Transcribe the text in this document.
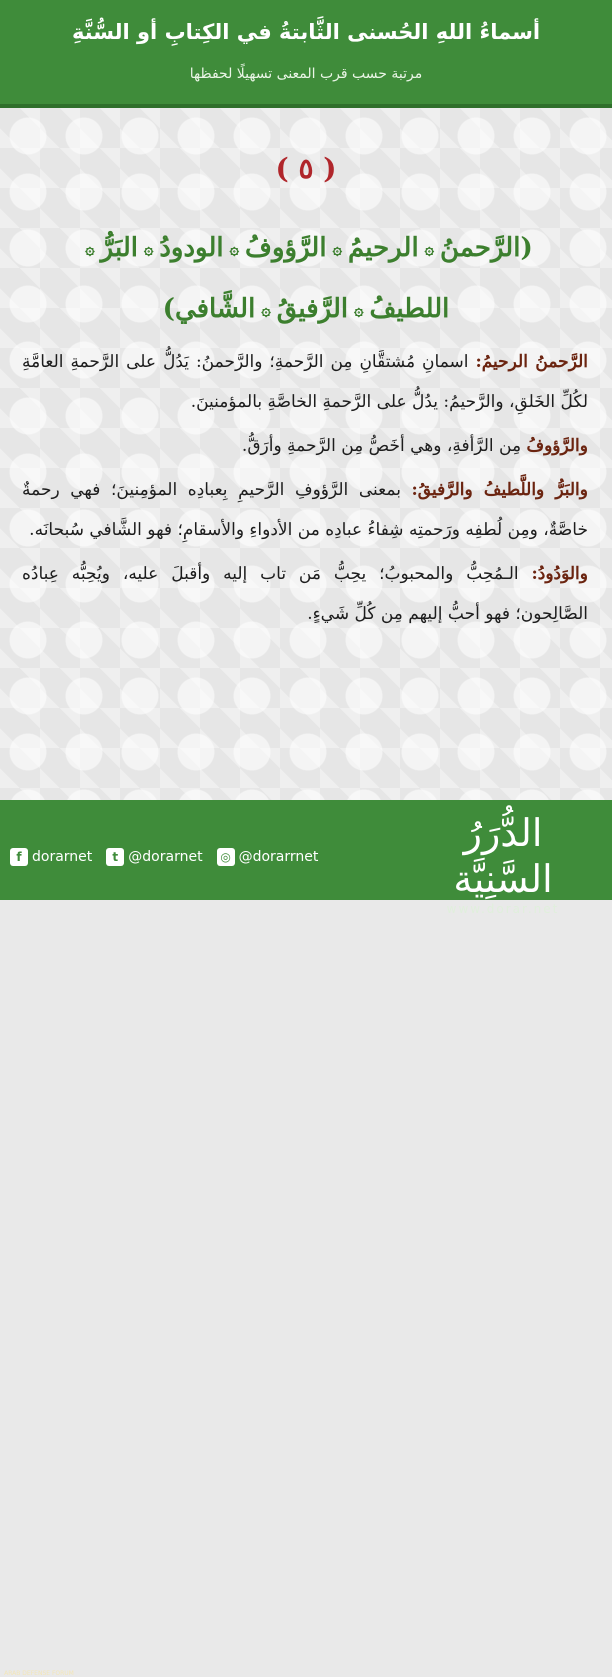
أسماءُ اللهِ الحُسنى الثَّابتةُ في الكِتابِ أو السُّنَّةِ
مرتبة حسب قرب المعنى تسهيلًا لحفظها
( ٥ )
(الرَّحمنُ۞الرحيمُ۞الرَّؤوفُ۞الودودُ۞البَرُّ۞
اللطيفُ۞الرَّفيقُ۞الشَّافي)

الرَّحمنُ الرحيمُ: اسمانِ مُشتقَّانِ مِن الرَّحمةِ؛ والرَّحمنُ: يَدُلُّ على الرَّحمةِ العامَّةِ لكُلِّ الخَلقِ، والرَّحيمُ: يدُلُّ على الرَّحمةِ الخاصَّةِ بالمؤمنينَ.

والرَّؤوفُ مِن الرَّأفةِ، وهي أخَصُّ مِن الرَّحمةِ وأرَقُّ.

والبَرُّ واللَّطيفُ والرَّفيقُ: بمعنى الرَّؤوفِ الرَّحيمِ بِعبادِه المؤمِنينَ؛ فهي رحمةٌ خاصَّةٌ، ومِن لُطفِه ورَحمتِه شِفاءُ عبادِه من الأدواءِ والأسقامِ؛ فهو الشَّافي سُبحانَه.

والوَدُودُ: الـمُحِبُّ والمحبوبُ؛ يحِبُّ مَن تاب إليه وأقبلَ عليه، ويُحِبُّه عِبادُه الصَّالِحون؛ فهو أحبُّ إليهم مِن كُلِّ شَيءٍ.

الدُّرَرُ السَّنِيَّة
www.dorar.net
f dorarnet	t @dorarnet	◎ @dorarrnet
ARAB DEFENSE FORUM
